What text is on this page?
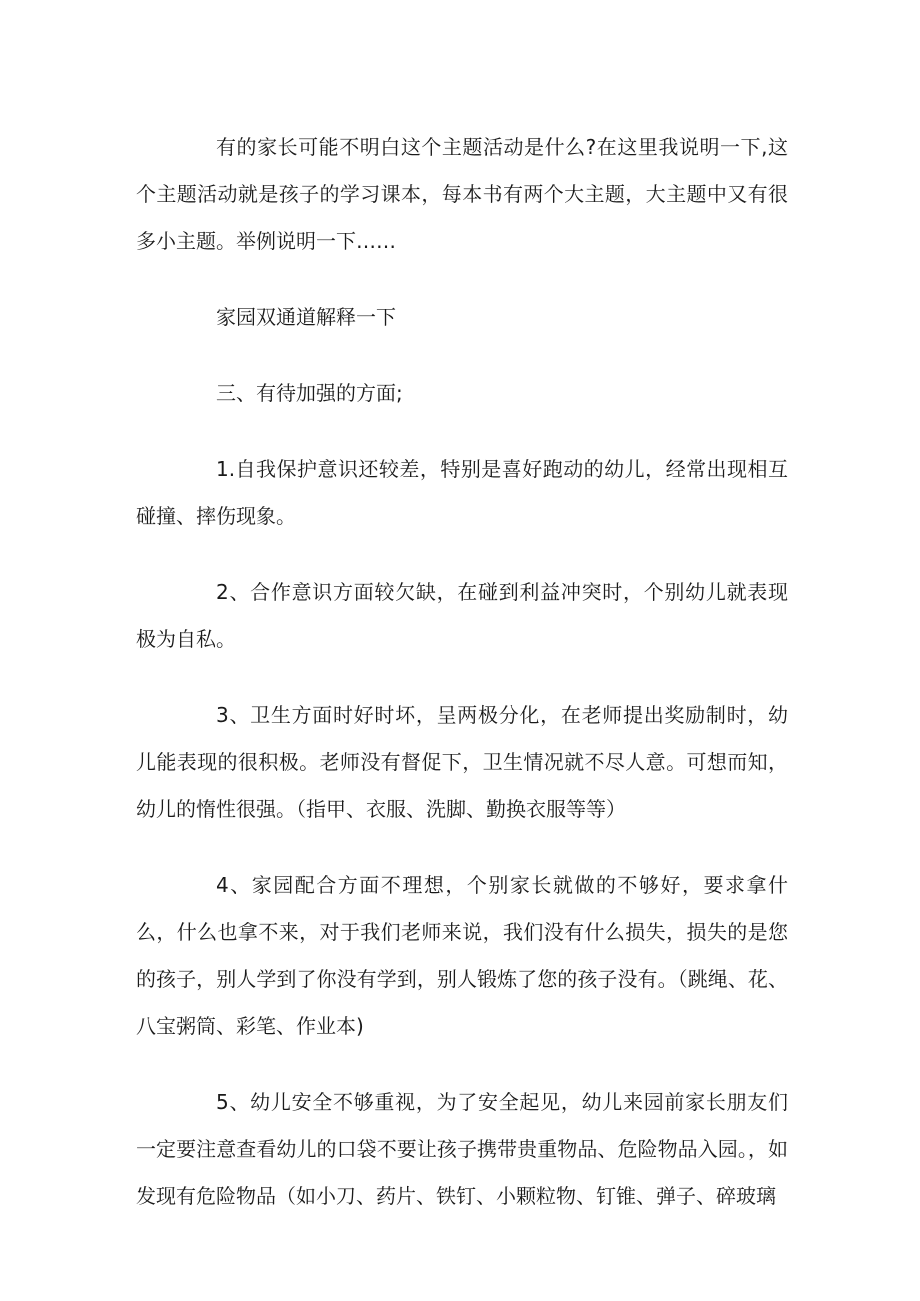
有的家长可能不明白这个主题活动是什么?在这里我说明一下,这个主题活动就是孩子的学习课本，每本书有两个大主题，大主题中又有很多小主题。举例说明一下……

家园双通道解释一下

三、有待加强的方面;

1.自我保护意识还较差，特别是喜好跑动的幼儿，经常出现相互碰撞、摔伤现象。

2、合作意识方面较欠缺，在碰到利益冲突时，个别幼儿就表现极为自私。

3、卫生方面时好时坏，呈两极分化，在老师提出奖励制时，幼儿能表现的很积极。老师没有督促下，卫生情况就不尽人意。可想而知，幼儿的惰性很强。（指甲、衣服、洗脚、勤换衣服等等）

4、家园配合方面不理想，个别家长就做的不够好，要求拿什么，什么也拿不来，对于我们老师来说，我们没有什么损失，损失的是您的孩子，别人学到了你没有学到，别人锻炼了您的孩子没有。（跳绳、花、八宝粥筒、彩笔、作业本)

5、幼儿安全不够重视，为了安全起见，幼儿来园前家长朋友们一定要注意查看幼儿的口袋不要让孩子携带贵重物品、危险物品入园。，如发现有危险物品（如小刀、药片、铁钉、小颗粒物、钉锥、弹子、碎玻璃
